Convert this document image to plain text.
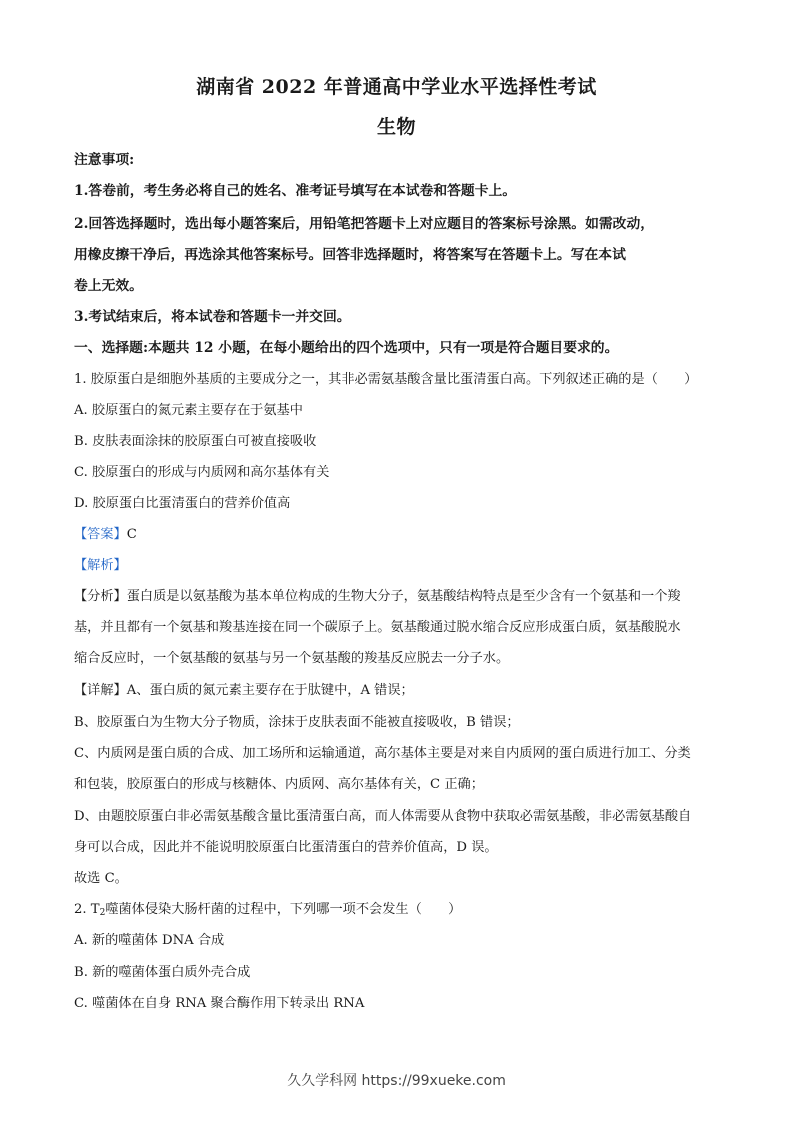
湖南省 2022 年普通高中学业水平选择性考试
生物
注意事项:
1.答卷前，考生务必将自己的姓名、准考证号填写在本试卷和答题卡上。
2.回答选择题时，选出每小题答案后，用铅笔把答题卡上对应题目的答案标号涂黑。如需改动，
用橡皮擦干净后，再选涂其他答案标号。回答非选择题时，将答案写在答题卡上。写在本试
卷上无效。
3.考试结束后，将本试卷和答题卡一并交回。
一、选择题:本题共 12 小题，在每小题给出的四个选项中，只有一项是符合题目要求的。
1. 胶原蛋白是细胞外基质的主要成分之一，其非必需氨基酸含量比蛋清蛋白高。下列叙述正确的是（　　）
A. 胶原蛋白的氮元素主要存在于氨基中
B. 皮肤表面涂抹的胶原蛋白可被直接吸收
C. 胶原蛋白的形成与内质网和高尔基体有关
D. 胶原蛋白比蛋清蛋白的营养价值高
【答案】C
【解析】
【分析】蛋白质是以氨基酸为基本单位构成的生物大分子，氨基酸结构特点是至少含有一个氨基和一个羧
基，并且都有一个氨基和羧基连接在同一个碳原子上。氨基酸通过脱水缩合反应形成蛋白质，氨基酸脱水
缩合反应时，一个氨基酸的氨基与另一个氨基酸的羧基反应脱去一分子水。
【详解】A、蛋白质的氮元素主要存在于肽键中，A 错误；
B、胶原蛋白为生物大分子物质，涂抹于皮肤表面不能被直接吸收，B 错误；
C、内质网是蛋白质的合成、加工场所和运输通道，高尔基体主要是对来自内质网的蛋白质进行加工、分类
和包装，胶原蛋白的形成与核糖体、内质网、高尔基体有关，C 正确；
D、由题胶原蛋白非必需氨基酸含量比蛋清蛋白高，而人体需要从食物中获取必需氨基酸，非必需氨基酸自
身可以合成，因此并不能说明胶原蛋白比蛋清蛋白的营养价值高，D 误。
故选 C。
2. $T_2$噬菌体侵染大肠杆菌的过程中，下列哪一项不会发生（　　）
A. 新的噬菌体 DNA 合成
B. 新的噬菌体蛋白质外壳合成
C. 噬菌体在自身 RNA 聚合酶作用下转录出 RNA
久久学科网 https://99xueke.com
